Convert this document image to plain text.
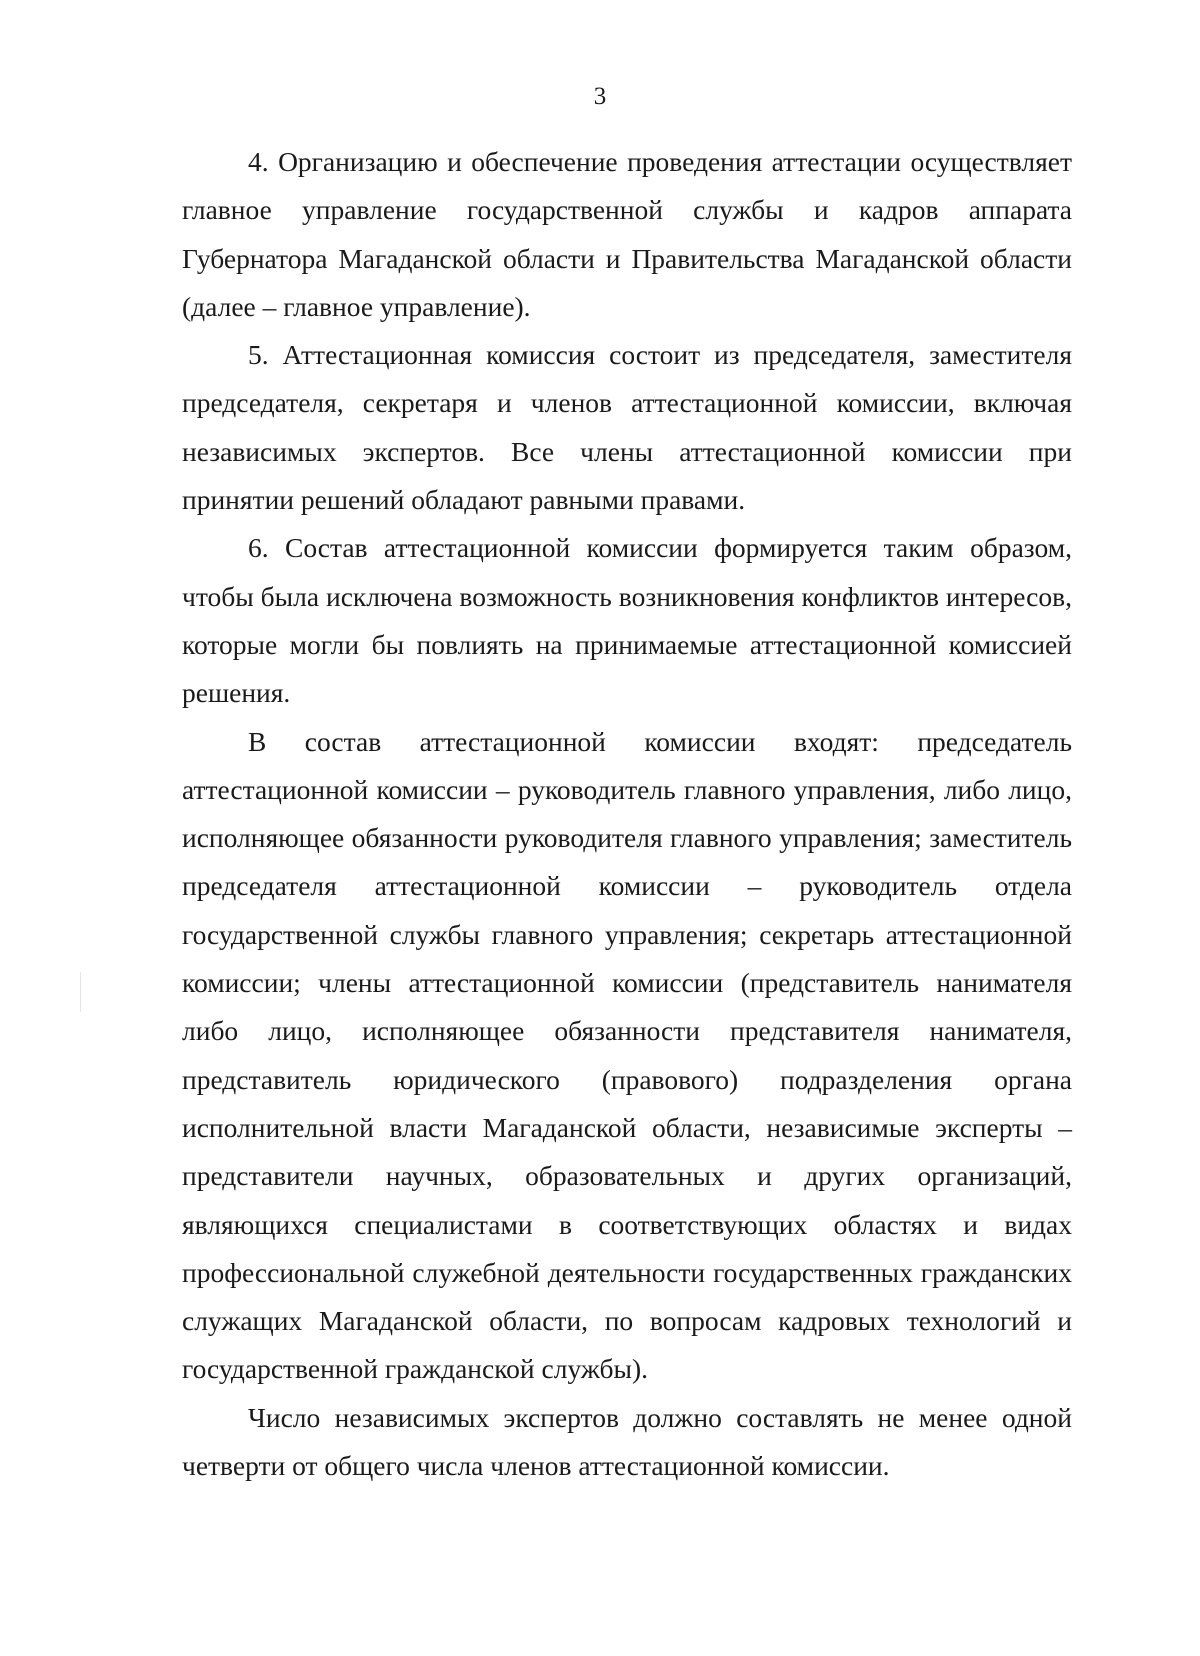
3

4. Организацию и обеспечение проведения аттестации осуществляет главное управление государственной службы и кадров аппарата Губернатора Магаданской области и Правительства Магаданской области (далее – главное управление).

5. Аттестационная комиссия состоит из председателя, заместителя председателя, секретаря и членов аттестационной комиссии, включая независимых экспертов. Все члены аттестационной комиссии при принятии решений обладают равными правами.

6. Состав аттестационной комиссии формируется таким образом, чтобы была исключена возможность возникновения конфликтов интересов, которые могли бы повлиять на принимаемые аттестационной комиссией решения.

В состав аттестационной комиссии входят: председатель аттестационной комиссии – руководитель главного управления, либо лицо, исполняющее обязанности руководителя главного управления; заместитель председателя аттестационной комиссии – руководитель отдела государственной службы главного управления; секретарь аттестационной комиссии; члены аттестационной комиссии (представитель нанимателя либо лицо, исполняющее обязанности представителя нанимателя, представитель юридического (правового) подразделения органа исполнительной власти Магаданской области, независимые эксперты – представители научных, образовательных и других организаций, являющихся специалистами в соответствующих областях и видах профессиональной служебной деятельности государственных гражданских служащих Магаданской области, по вопросам кадровых технологий и государственной гражданской службы).

Число независимых экспертов должно составлять не менее одной четверти от общего числа членов аттестационной комиссии.
